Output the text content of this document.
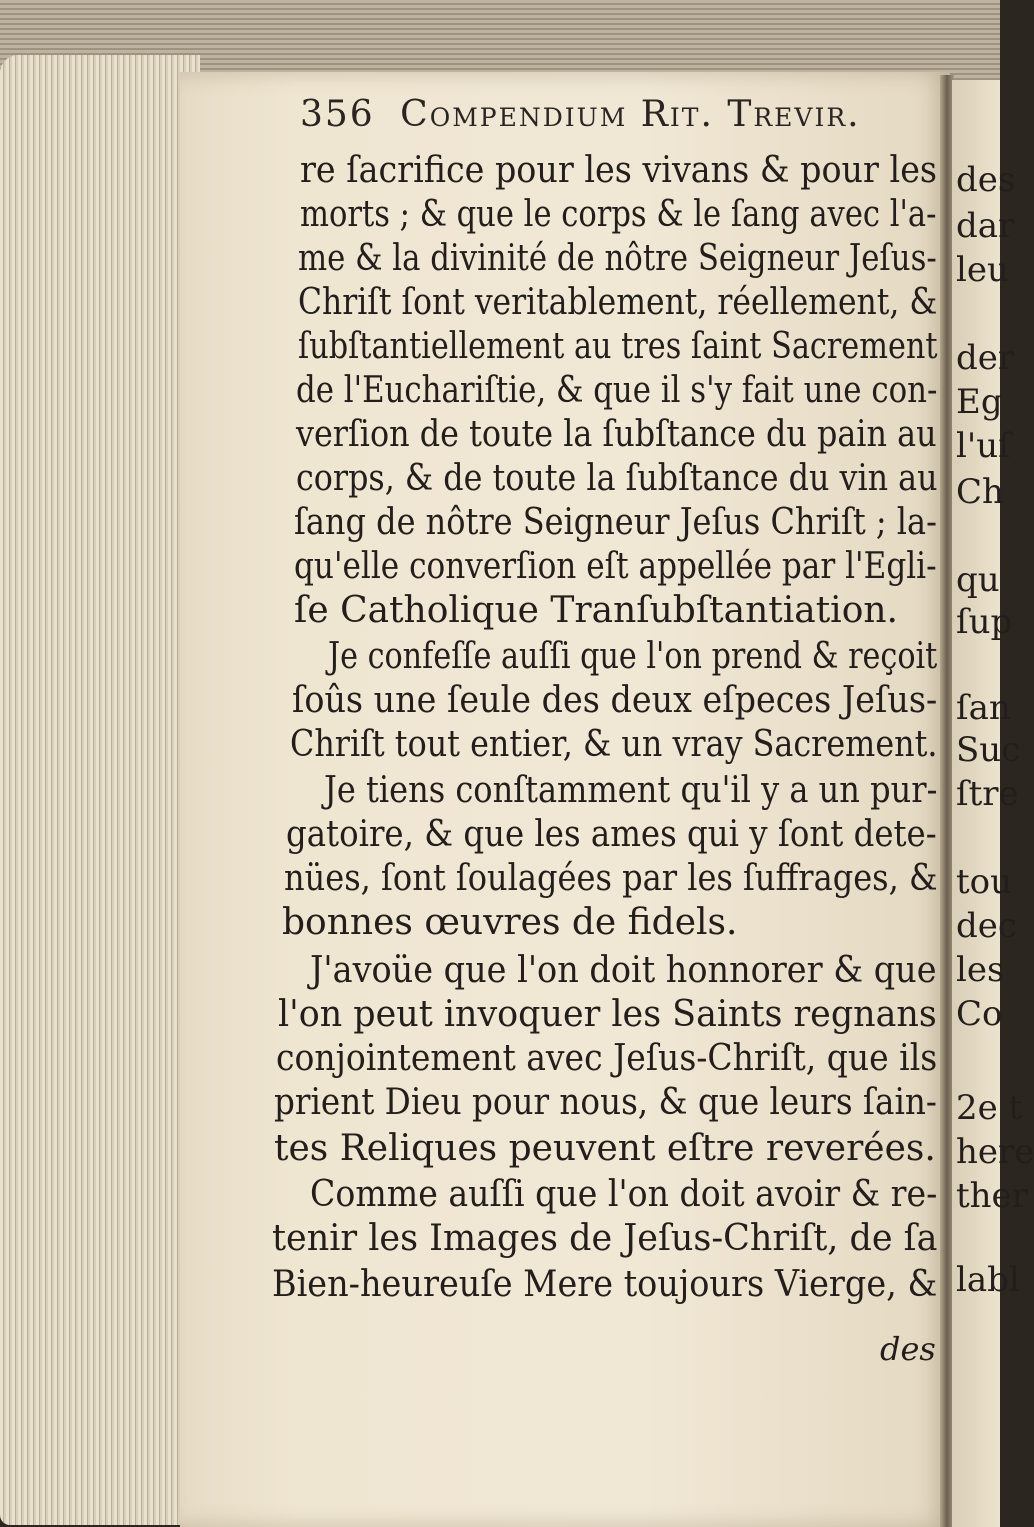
des
dar
leu
der
Eg
l'uſ
Ch
qu
ſup
ſan
Suc
ſtre
tou
dec
les
Co
2e t
here
ther
labl
356 Compendium Rit. Trevir.
re ſacrifice pour les vivans & pour les
morts ; & que le corps & le ſang avec l'a-
me & la divinité de nôtre Seigneur Jeſus-
Chriſt ſont veritablement, réellement, &
ſubſtantiellement au tres ſaint Sacrement
de l'Euchariſtie, & que il s'y fait une con-
verſion de toute la ſubſtance du pain au
corps, & de toute la ſubſtance du vin au
ſang de nôtre Seigneur Jeſus Chriſt ; la-
qu'elle converſion eſt appellée par l'Egli-
ſe Catholique Tranſubſtantiation.
Je confeſſe auſſi que l'on prend & reçoit
ſoûs une ſeule des deux eſpeces Jeſus-
Chriſt tout entier, & un vray Sacrement.
Je tiens conſtamment qu'il y a un pur-
gatoire, & que les ames qui y ſont dete-
nües, ſont ſoulagées par les ſuffrages, &
bonnes œuvres de fidels.
J'avoüe que l'on doit honnorer & que
l'on peut invoquer les Saints regnans
conjointement avec Jeſus-Chriſt, que ils
prient Dieu pour nous, & que leurs ſain-
tes Reliques peuvent eſtre reverées.
Comme auſſi que l'on doit avoir & re-
tenir les Images de Jeſus-Chriſt, de ſa
Bien-heureuſe Mere toujours Vierge, &
des
